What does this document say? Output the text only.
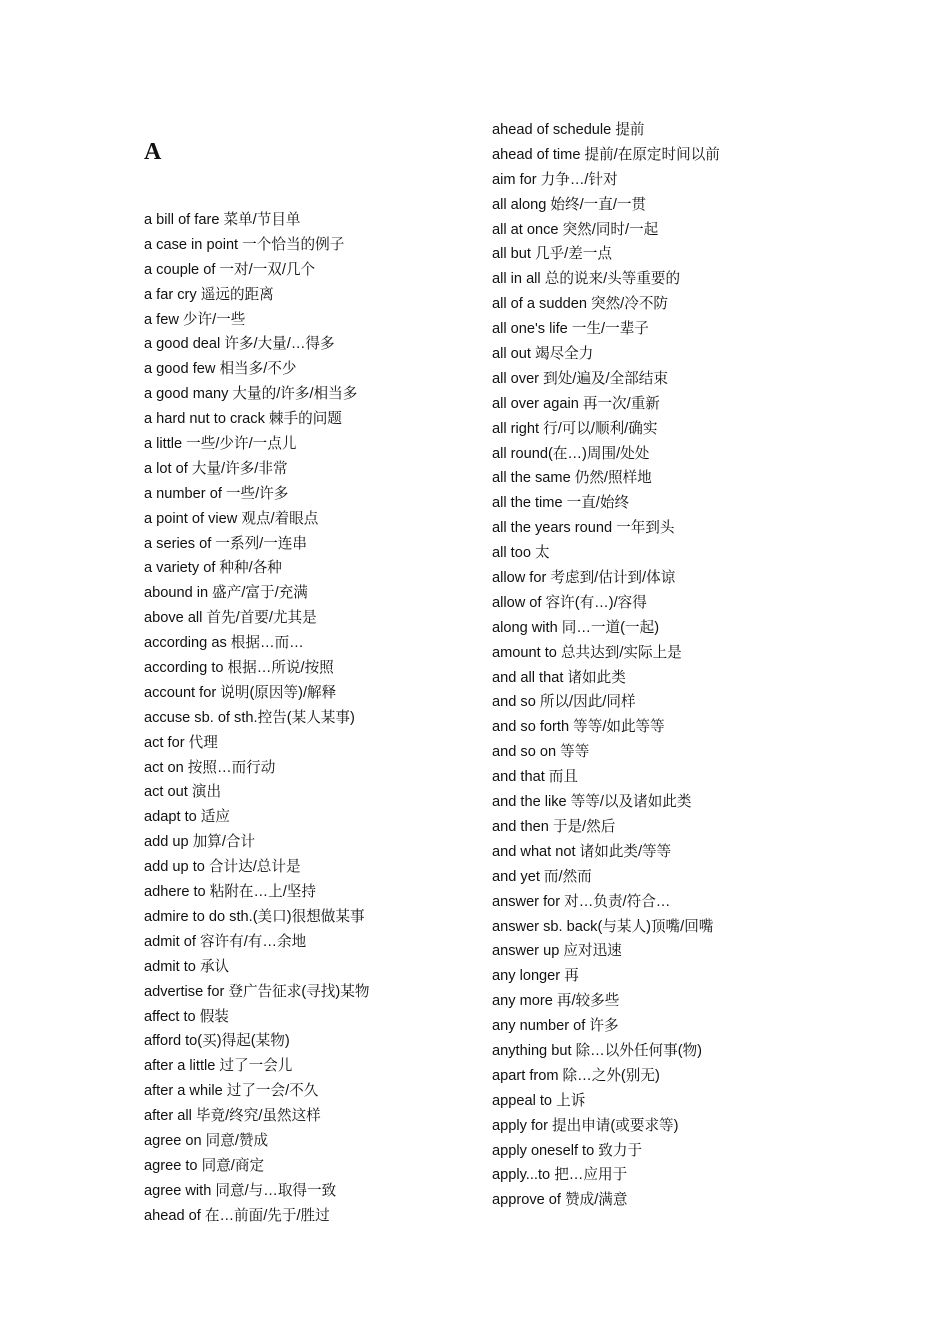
A
a bill of fare 菜单/节目单
a case in point 一个恰当的例子
a couple of 一对/一双/几个
a far cry 遥远的距离
a few 少许/一些
a good deal 许多/大量/…得多
a good few 相当多/不少
a good many 大量的/许多/相当多
a hard nut to crack 棘手的问题
a little 一些/少许/一点儿
a lot of 大量/许多/非常
a number of 一些/许多
a point of view 观点/着眼点
a series of 一系列/一连串
a variety of 种种/各种
abound in 盛产/富于/充满
above all 首先/首要/尤其是
according as 根据…而…
according to 根据…所说/按照
account for 说明(原因等)/解释
accuse sb. of sth.控告(某人某事)
act for 代理
act on 按照…而行动
act out 演出
adapt to 适应
add up 加算/合计
add up to 合计达/总计是
adhere to 粘附在…上/坚持
admire to do sth.(美口)很想做某事
admit of 容许有/有…余地
admit to 承认
advertise for 登广告征求(寻找)某物
affect to 假装
afford to(买)得起(某物)
after a little 过了一会儿
after a while 过了一会/不久
after all 毕竟/终究/虽然这样
agree on 同意/赞成
agree to 同意/商定
agree with 同意/与…取得一致
ahead of 在…前面/先于/胜过
ahead of schedule 提前
ahead of time 提前/在原定时间以前
aim for 力争…/针对
all along 始终/一直/一贯
all at once 突然/同时/一起
all but 几乎/差一点
all in all 总的说来/头等重要的
all of a sudden 突然/冷不防
all one's life 一生/一辈子
all out 竭尽全力
all over 到处/遍及/全部结束
all over again 再一次/重新
all right 行/可以/顺利/确实
all round(在…)周围/处处
all the same 仍然/照样地
all the time 一直/始终
all the years round 一年到头
all too 太
allow for 考虑到/估计到/体谅
allow of 容许(有…)/容得
along with 同…一道(一起)
amount to 总共达到/实际上是
and all that 诸如此类
and so 所以/因此/同样
and so forth 等等/如此等等
and so on 等等
and that 而且
and the like 等等/以及诸如此类
and then 于是/然后
and what not 诸如此类/等等
and yet 而/然而
answer for 对…负责/符合…
answer sb. back(与某人)顶嘴/回嘴
answer up 应对迅速
any longer 再
any more 再/较多些
any number of 许多
anything but 除…以外任何事(物)
apart from 除…之外(别无)
appeal to 上诉
apply for 提出申请(或要求等)
apply oneself to 致力于
apply...to 把…应用于
approve of 赞成/满意
